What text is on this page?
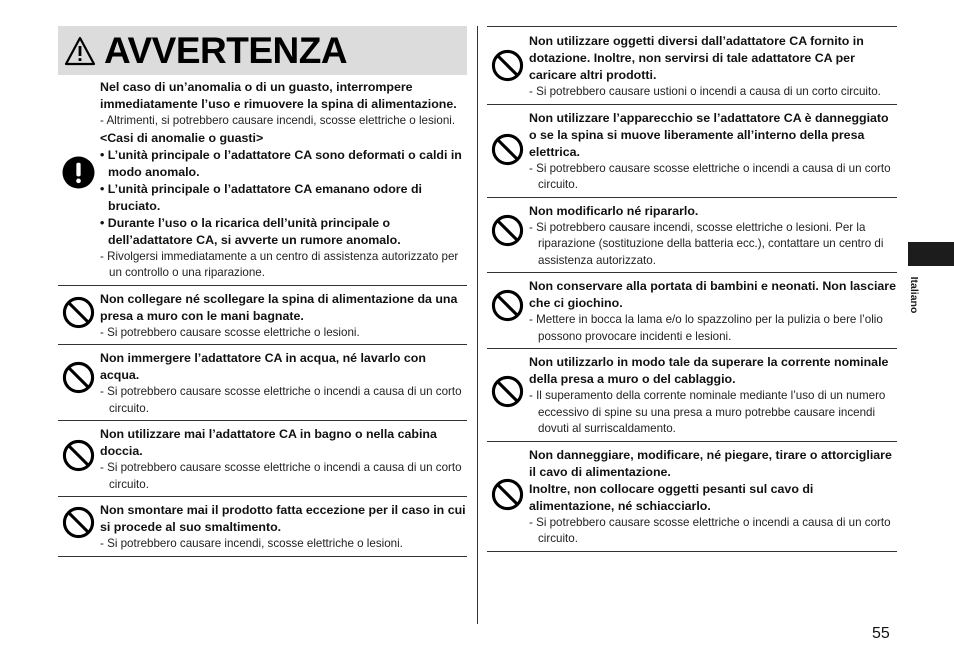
AVVERTENZA
Nel caso di un’anomalia o di un guasto, interrompere
immediatamente l’uso e rimuovere la spina di alimentazione.
- Altrimenti, si potrebbero causare incendi, scosse elettriche o lesioni.
<Casi di anomalie o guasti>
• L’unità principale o l’adattatore CA sono deformati o caldi in modo anomalo.
• L’unità principale o l’adattatore CA emanano odore di bruciato.
• Durante l’uso o la ricarica dell’unità principale o dell’adattatore CA, si avverte un rumore anomalo.
- Rivolgersi immediatamente a un centro di assistenza autorizzato per un controllo o una riparazione.
Non collegare né scollegare la spina di alimentazione da una presa a muro con le mani bagnate.
- Si potrebbero causare scosse elettriche o lesioni.
Non immergere l’adattatore CA in acqua, né lavarlo con acqua.
- Si potrebbero causare scosse elettriche o incendi a causa di un corto circuito.
Non utilizzare mai l’adattatore CA in bagno o nella cabina doccia.
- Si potrebbero causare scosse elettriche o incendi a causa di un corto circuito.
Non smontare mai il prodotto fatta eccezione per il caso in cui si procede al suo smaltimento.
- Si potrebbero causare incendi, scosse elettriche o lesioni.
Non utilizzare oggetti diversi dall’adattatore CA fornito in dotazione. Inoltre, non servirsi di tale adattatore CA per caricare altri prodotti.
- Si potrebbero causare ustioni o incendi a causa di un corto circuito.
Non utilizzare l’apparecchio se l’adattatore CA è danneggiato o se la spina si muove liberamente all’interno della presa elettrica.
- Si potrebbero causare scosse elettriche o incendi a causa di un corto circuito.
Non modificarlo né ripararlo.
- Si potrebbero causare incendi, scosse elettriche o lesioni. Per la riparazione (sostituzione della batteria ecc.), contattare un centro di assistenza autorizzato.
Non conservare alla portata di bambini e neonati. Non lasciare che ci giochino.
- Mettere in bocca la lama e/o lo spazzolino per la pulizia o bere l’olio possono provocare incidenti e lesioni.
Non utilizzarlo in modo tale da superare la corrente nominale della presa a muro o del cablaggio.
- Il superamento della corrente nominale mediante l’uso di un numero eccessivo di spine su una presa a muro potrebbe causare incendi dovuti al surriscaldamento.
Non danneggiare, modificare, né piegare, tirare o attorcigliare il cavo di alimentazione.
Inoltre, non collocare oggetti pesanti sul cavo di alimentazione, né schiacciarlo.
- Si potrebbero causare scosse elettriche o incendi a causa di un corto circuito.
Italiano
55
